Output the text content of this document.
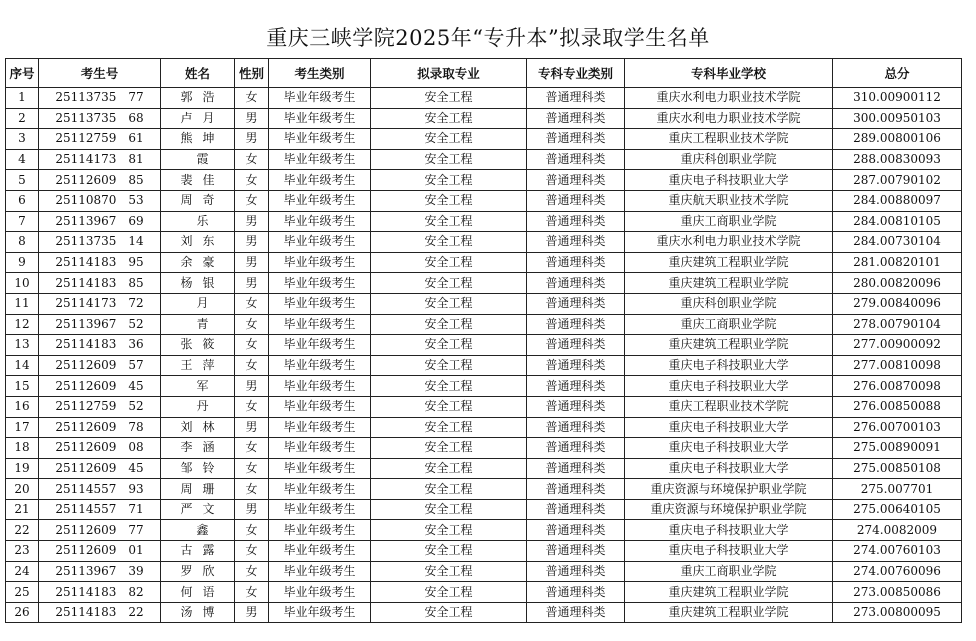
重庆三峡学院2025年“专升本”拟录取学生名单
序号	考生号	姓名	性别	考生类别	拟录取专业	专科专业类别	专科毕业学校	总分
1	25113735 77	郭 浩	女	毕业年级考生	安全工程	普通理科类	重庆水利电力职业技术学院	310.00900112
2	25113735 68	卢 月	男	毕业年级考生	安全工程	普通理科类	重庆水利电力职业技术学院	300.00950103
3	25112759 61	熊 坤	男	毕业年级考生	安全工程	普通理科类	重庆工程职业技术学院	289.00800106
4	25114173 81	霞	女	毕业年级考生	安全工程	普通理科类	重庆科创职业学院	288.00830093
5	25112609 85	裴 佳	女	毕业年级考生	安全工程	普通理科类	重庆电子科技职业大学	287.00790102
6	25110870 53	周 奇	女	毕业年级考生	安全工程	普通理科类	重庆航天职业技术学院	284.00880097
7	25113967 69	乐	男	毕业年级考生	安全工程	普通理科类	重庆工商职业学院	284.00810105
8	25113735 14	刘 东	男	毕业年级考生	安全工程	普通理科类	重庆水利电力职业技术学院	284.00730104
9	25114183 95	余 豪	男	毕业年级考生	安全工程	普通理科类	重庆建筑工程职业学院	281.00820101
10	25114183 85	杨 银	男	毕业年级考生	安全工程	普通理科类	重庆建筑工程职业学院	280.00820096
11	25114173 72	月	女	毕业年级考生	安全工程	普通理科类	重庆科创职业学院	279.00840096
12	25113967 52	青	女	毕业年级考生	安全工程	普通理科类	重庆工商职业学院	278.00790104
13	25114183 36	张 筱	女	毕业年级考生	安全工程	普通理科类	重庆建筑工程职业学院	277.00900092
14	25112609 57	王 萍	女	毕业年级考生	安全工程	普通理科类	重庆电子科技职业大学	277.00810098
15	25112609 45	军	男	毕业年级考生	安全工程	普通理科类	重庆电子科技职业大学	276.00870098
16	25112759 52	丹	女	毕业年级考生	安全工程	普通理科类	重庆工程职业技术学院	276.00850088
17	25112609 78	刘 林	男	毕业年级考生	安全工程	普通理科类	重庆电子科技职业大学	276.00700103
18	25112609 08	李 涵	女	毕业年级考生	安全工程	普通理科类	重庆电子科技职业大学	275.00890091
19	25112609 45	邹 铃	女	毕业年级考生	安全工程	普通理科类	重庆电子科技职业大学	275.00850108
20	25114557 93	周 珊	女	毕业年级考生	安全工程	普通理科类	重庆资源与环境保护职业学院	275.007701
21	25114557 71	严 文	男	毕业年级考生	安全工程	普通理科类	重庆资源与环境保护职业学院	275.00640105
22	25112609 77	鑫	女	毕业年级考生	安全工程	普通理科类	重庆电子科技职业大学	274.0082009
23	25112609 01	古 露	女	毕业年级考生	安全工程	普通理科类	重庆电子科技职业大学	274.00760103
24	25113967 39	罗 欣	女	毕业年级考生	安全工程	普通理科类	重庆工商职业学院	274.00760096
25	25114183 82	何 语	女	毕业年级考生	安全工程	普通理科类	重庆建筑工程职业学院	273.00850086
26	25114183 22	汤 博	男	毕业年级考生	安全工程	普通理科类	重庆建筑工程职业学院	273.00800095
